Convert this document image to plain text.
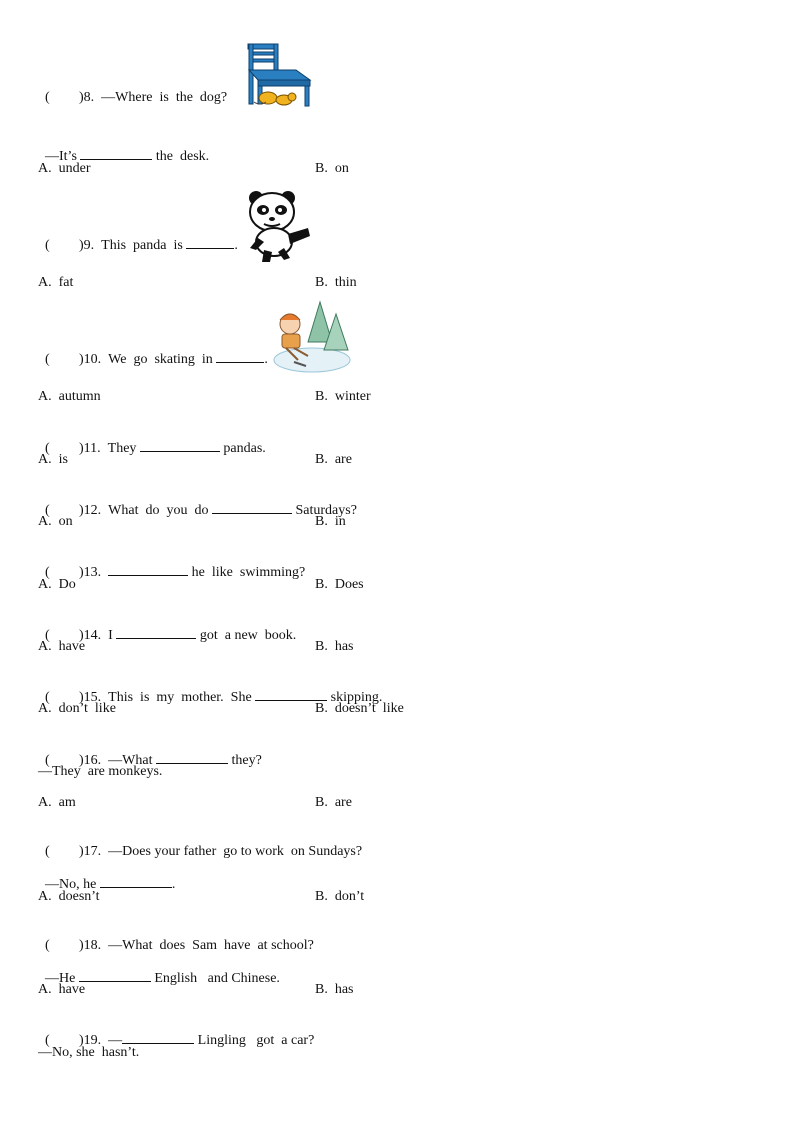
( )8. —Where  is  the  dog?

—It’s	the  desk.

A.  under	B.  on

( )9. This  panda  is	.

A.  fat	B.  thin

( )10. We  go  skating  in	.

A.  autumn	B.  winter

( )11. They	pandas.

A.  is	B.  are

( )12. What  do  you  do	Saturdays?

A.  on	B.  in

( )13.	he  like  swimming?

A.  Do	B.  Does

( )14. I	got  a new  book.

A.  have	B.  has

( )15. This  is  my  mother.  She	skipping.

A.  don’t  like	B.  doesn’t  like

( )16. —What	they?

—They  are monkeys.
A.  am	B.  are

( )17. —Does your father  go to work  on Sundays?

—No, he	.

A.  doesn’t	B.  don’t

( )18. —What  does  Sam  have  at school?

—He	English   and Chinese.

A.  have	B.  has

( )19. —	Lingling   got  a car?

—No, she  hasn’t.
